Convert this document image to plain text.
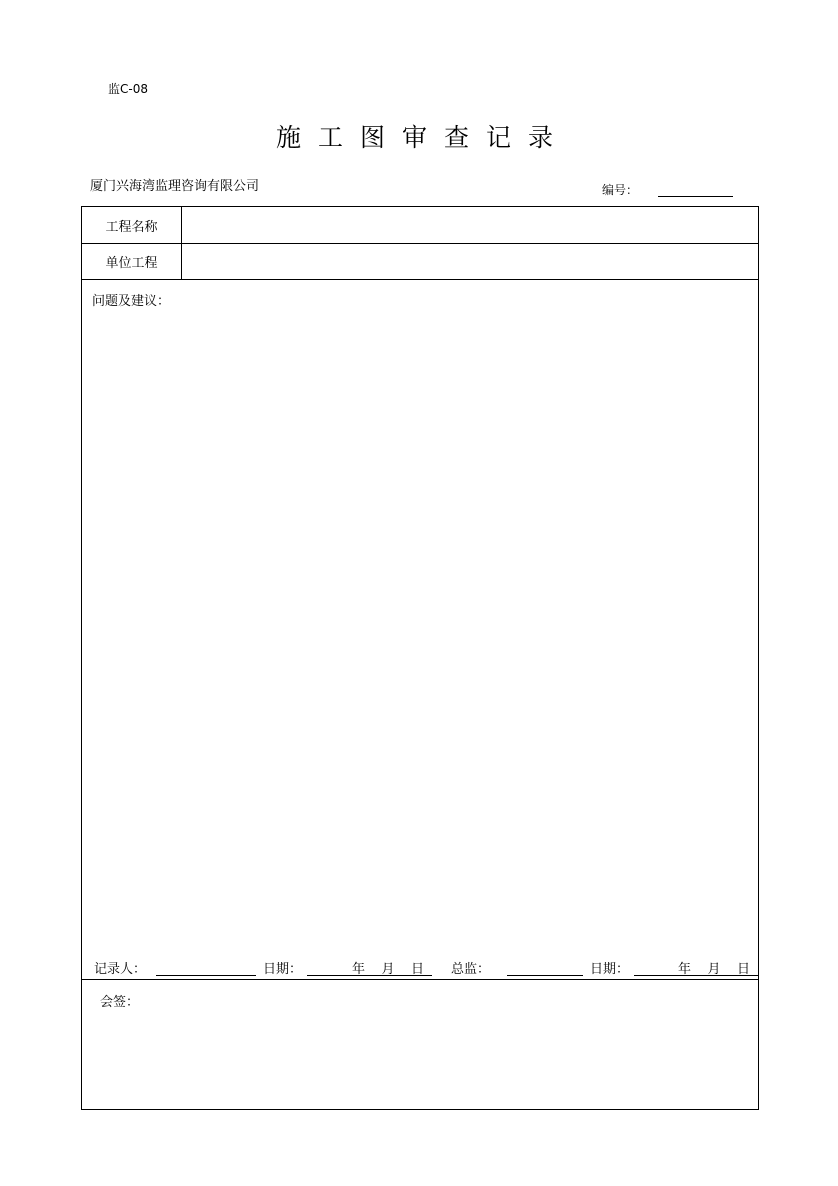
监C-08
施工图审查记录
厦门兴海湾监理咨询有限公司	编号：
工程名称
单位工程
问题及建议：
记录人：	日期：	年    月    日 总监：	日期：	年    月    日
会签：
